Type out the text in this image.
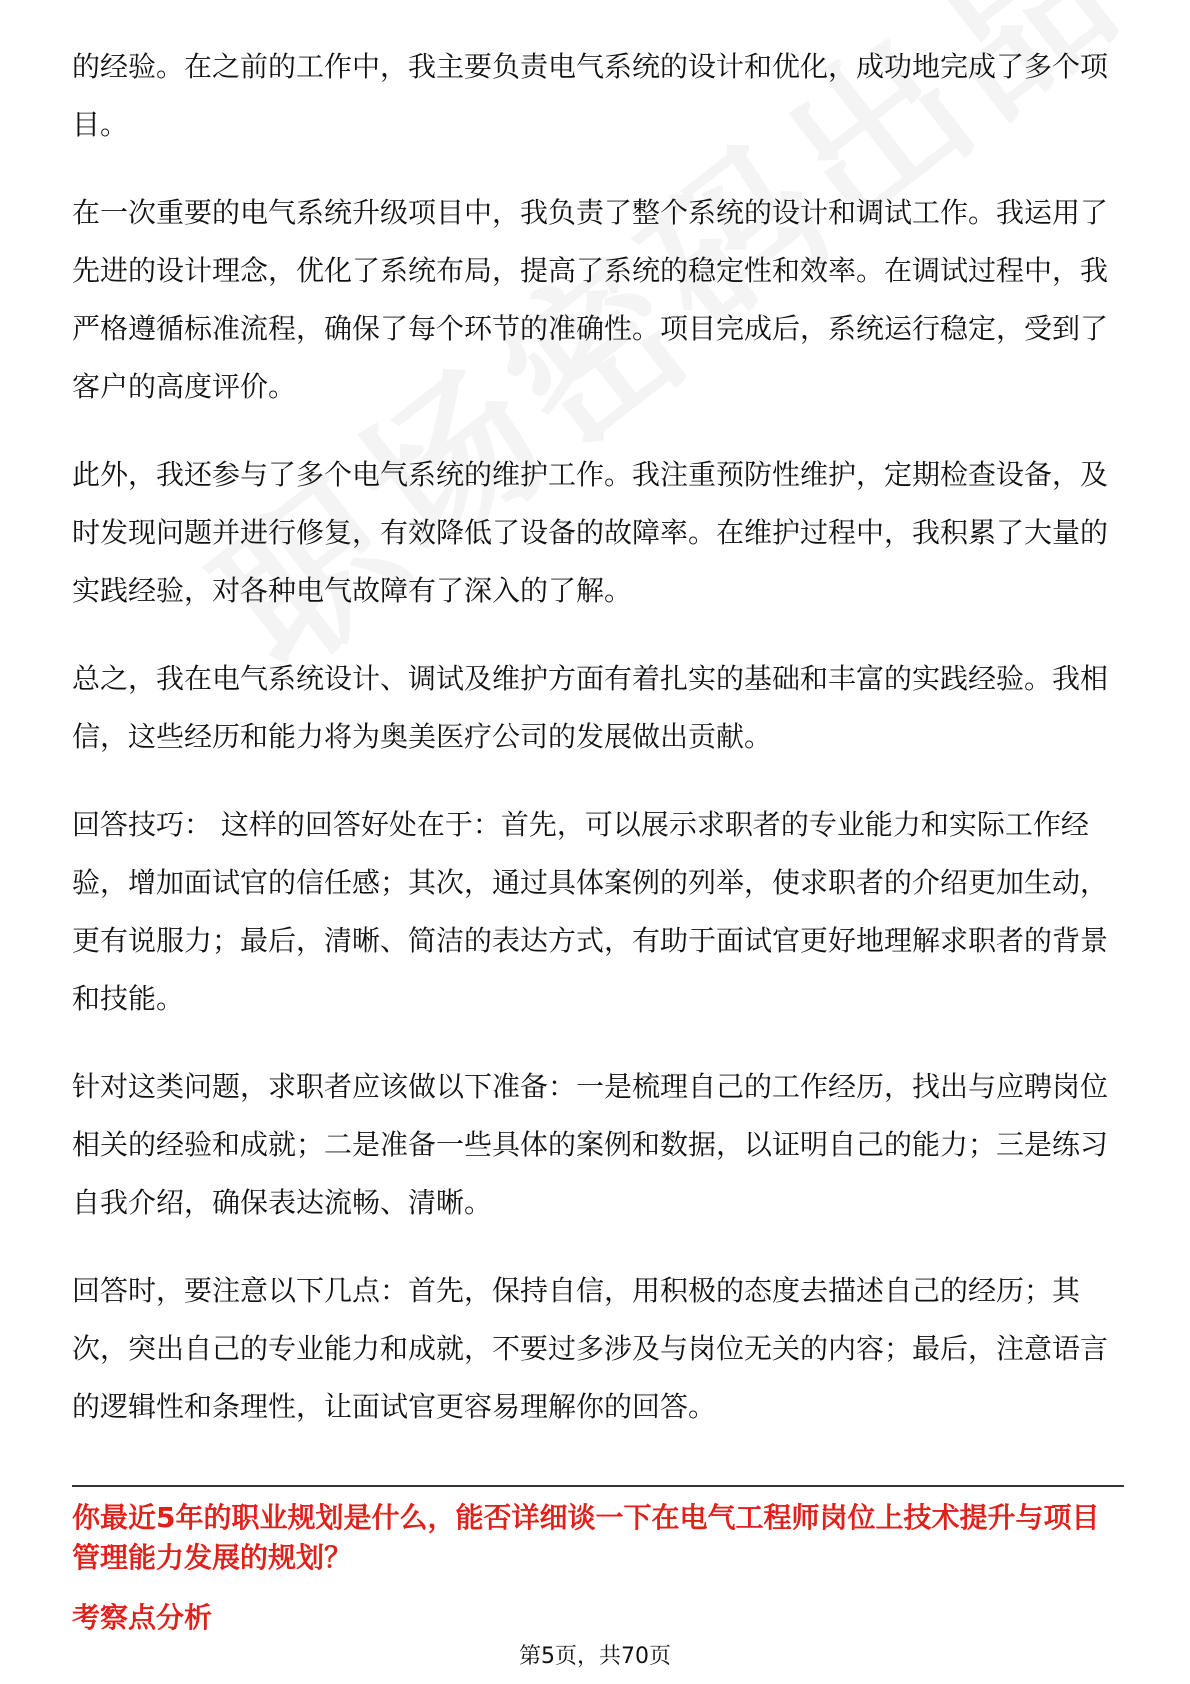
的经验。在之前的工作中，我主要负责电气系统的设计和优化，成功地完成了多个项目。

在一次重要的电气系统升级项目中，我负责了整个系统的设计和调试工作。我运用了先进的设计理念，优化了系统布局，提高了系统的稳定性和效率。在调试过程中，我严格遵循标准流程，确保了每个环节的准确性。项目完成后，系统运行稳定，受到了客户的高度评价。

此外，我还参与了多个电气系统的维护工作。我注重预防性维护，定期检查设备，及时发现问题并进行修复，有效降低了设备的故障率。在维护过程中，我积累了大量的实践经验，对各种电气故障有了深入的了解。

总之，我在电气系统设计、调试及维护方面有着扎实的基础和丰富的实践经验。我相信，这些经历和能力将为奥美医疗公司的发展做出贡献。

回答技巧： 这样的回答好处在于：首先，可以展示求职者的专业能力和实际工作经验，增加面试官的信任感；其次，通过具体案例的列举，使求职者的介绍更加生动，更有说服力；最后，清晰、简洁的表达方式，有助于面试官更好地理解求职者的背景和技能。

针对这类问题，求职者应该做以下准备：一是梳理自己的工作经历，找出与应聘岗位相关的经验和成就；二是准备一些具体的案例和数据，以证明自己的能力；三是练习自我介绍，确保表达流畅、清晰。

回答时，要注意以下几点：首先，保持自信，用积极的态度去描述自己的经历；其次，突出自己的专业能力和成就，不要过多涉及与岗位无关的内容；最后，注意语言的逻辑性和条理性，让面试官更容易理解你的回答。

你最近5年的职业规划是什么，能否详细谈一下在电气工程师岗位上技术提升与项目管理能力发展的规划？

考察点分析

第5页，共70页
